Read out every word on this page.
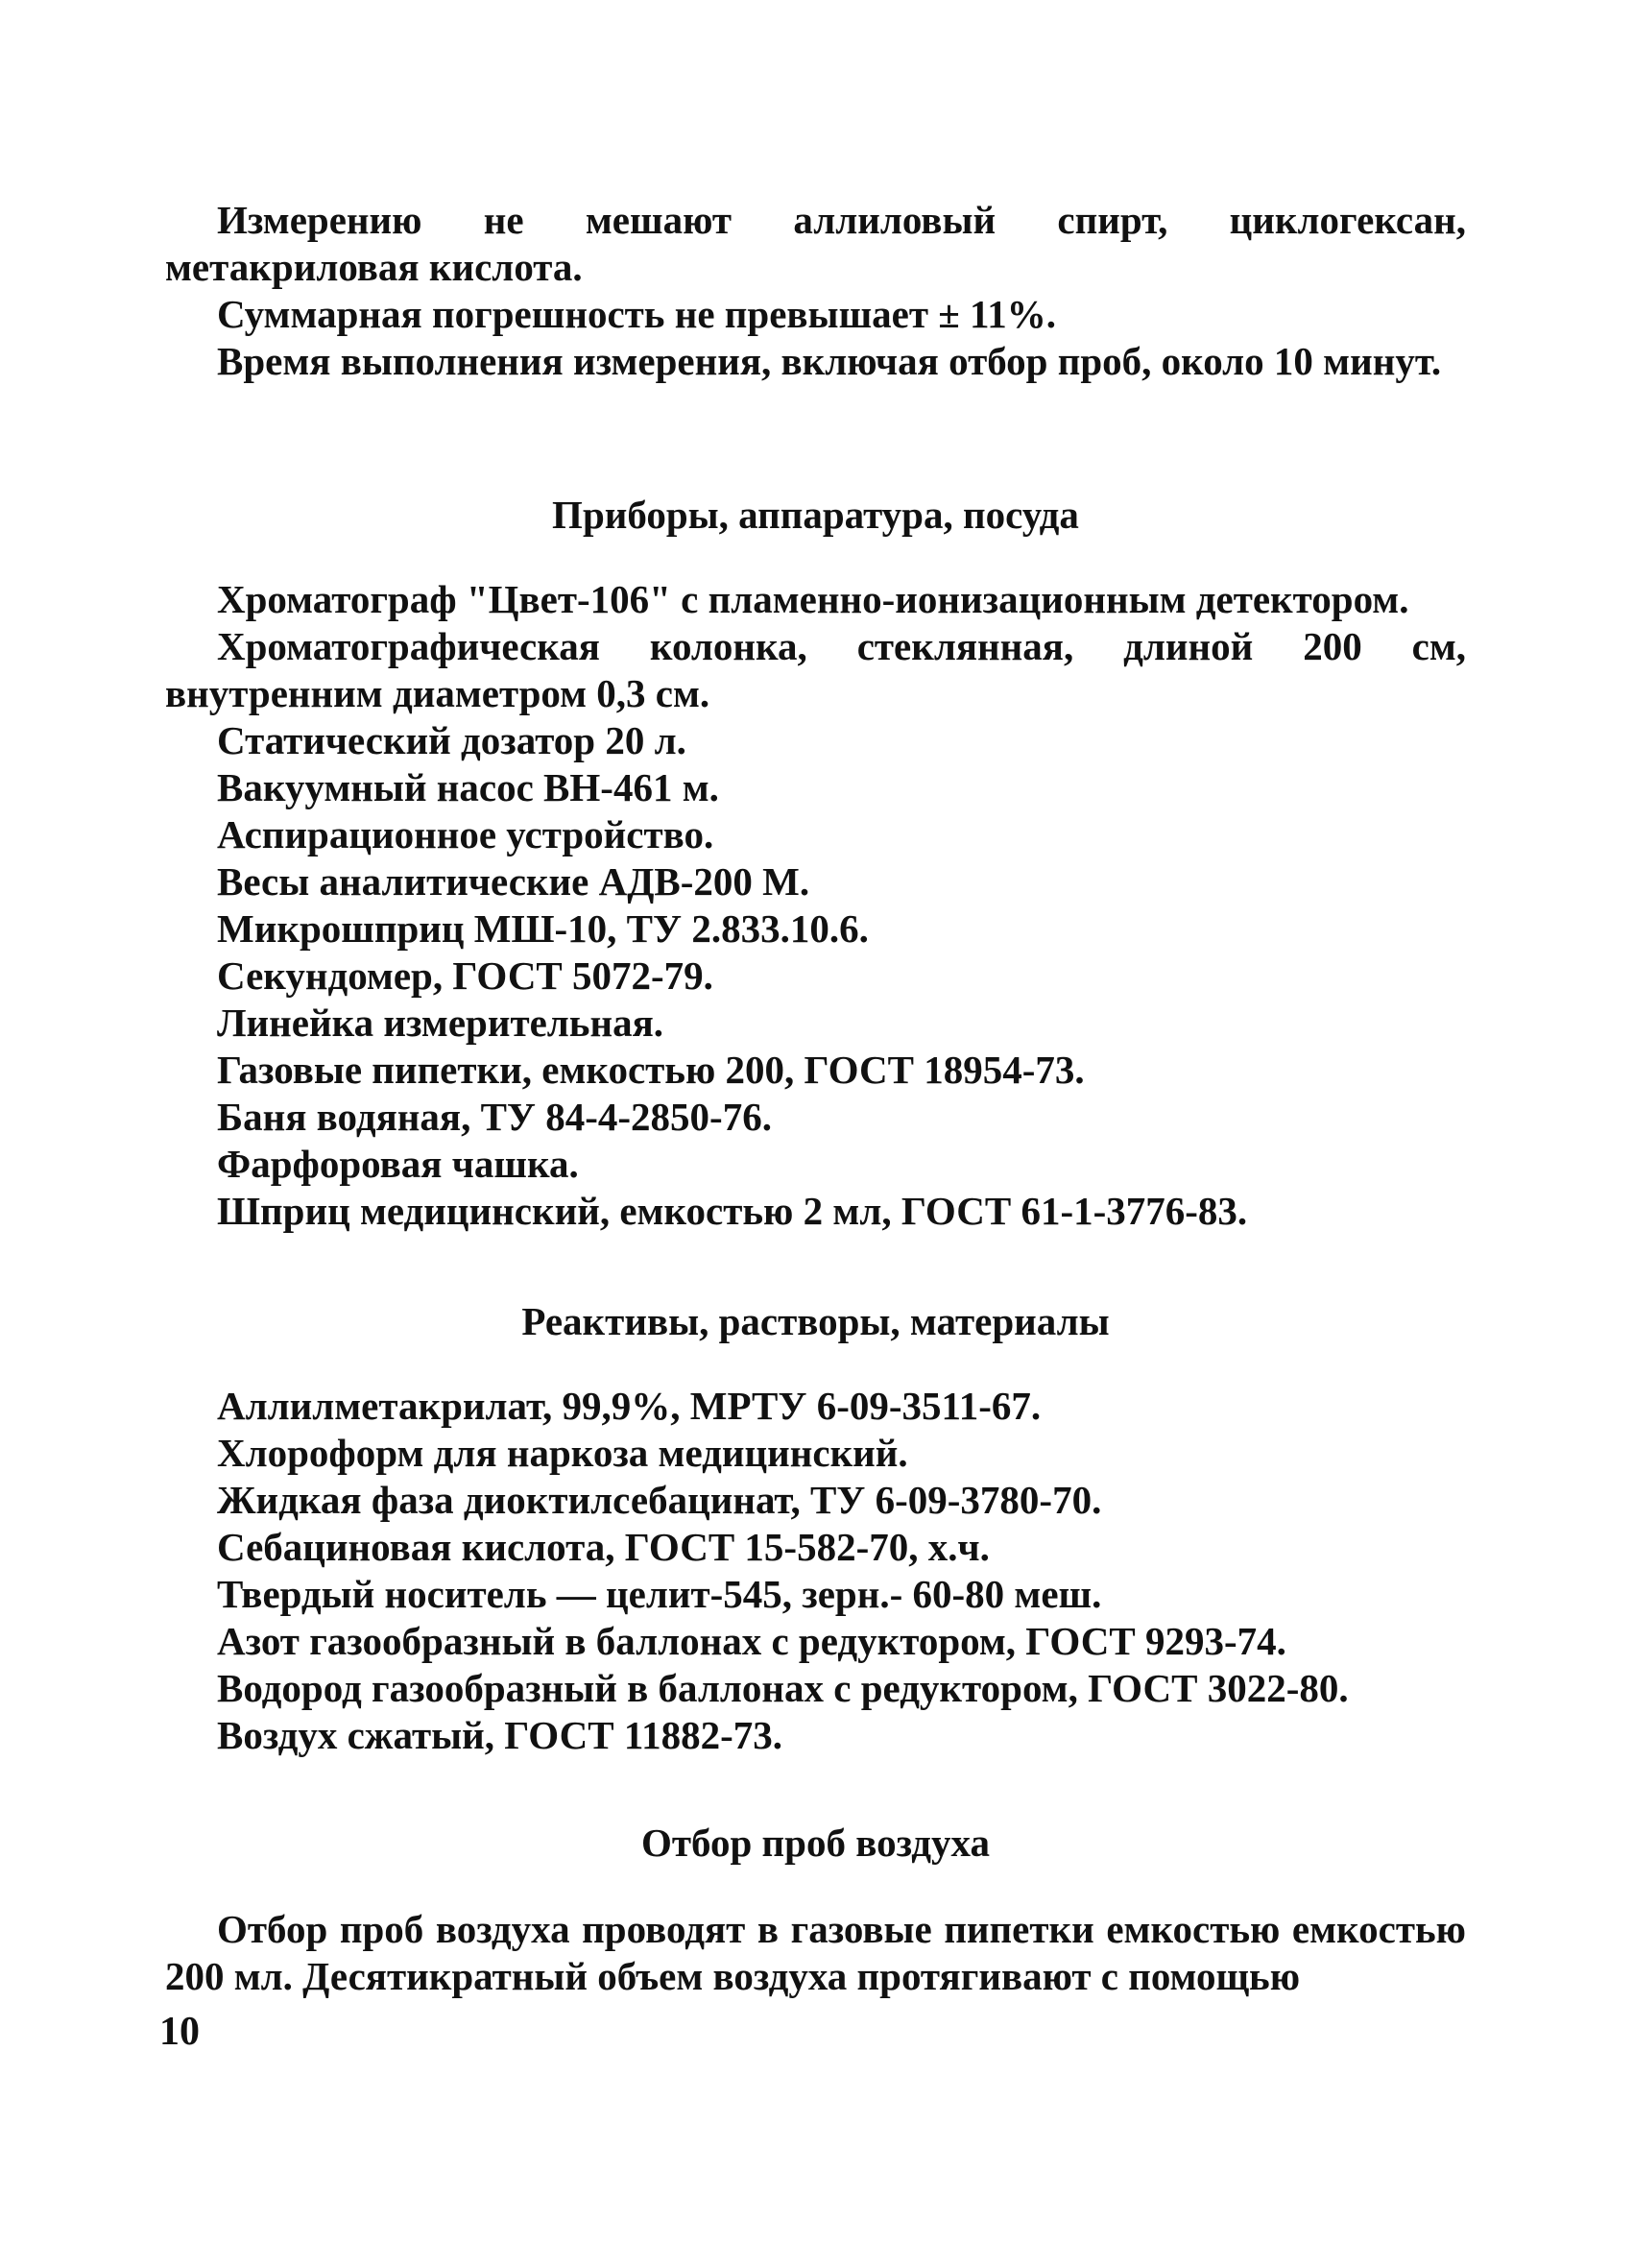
Измерению не мешают аллиловый спирт, циклогексан, метакриловая кислота.

Суммарная погрешность не превышает ± 11%.

Время выполнения измерения, включая отбор проб, около 10 минут.

Приборы, аппаратура, посуда

Хроматограф "Цвет-106" с пламенно-ионизационным детектором.

Хроматографическая колонка, стеклянная, длиной 200 см, внутренним диаметром 0,3 см.

Статический дозатор 20 л.
Вакуумный насос ВН-461 м.
Аспирационное устройство.
Весы аналитические АДВ-200 М.
Микрошприц МШ-10, ТУ 2.833.10.6.
Секундомер, ГОСТ 5072-79.
Линейка измерительная.
Газовые пипетки, емкостью 200, ГОСТ 18954-73.
Баня водяная, ТУ 84-4-2850-76.
Фарфоровая чашка.
Шприц медицинский, емкостью 2 мл, ГОСТ 61-1-3776-83.

Реактивы, растворы, материалы

Аллилметакрилат, 99,9%, МРТУ 6-09-3511-67.
Хлороформ для наркоза медицинский.
Жидкая фаза диоктилсебацинат, ТУ 6-09-3780-70.
Себациновая кислота, ГОСТ 15-582-70, х.ч.
Твердый носитель — целит-545, зерн.- 60-80 меш.
Азот газообразный в баллонах с редуктором, ГОСТ 9293-74.
Водород газообразный в баллонах с редуктором, ГОСТ 3022-80.
Воздух сжатый, ГОСТ 11882-73.

Отбор проб воздуха

Отбор проб воздуха проводят в газовые пипетки емкостью емкостью 200 мл. Десятикратный объем воздуха протягивают с помощью

10
